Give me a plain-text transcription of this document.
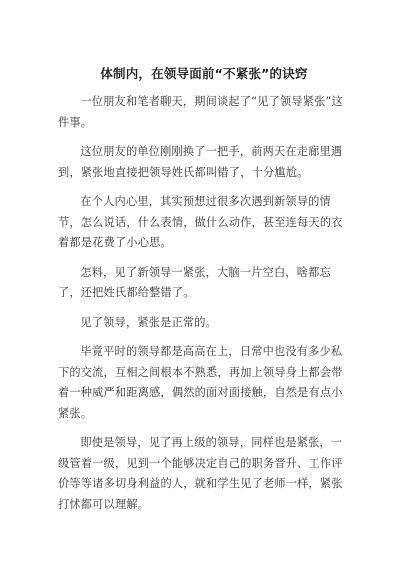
体制内，在领导面前“不紧张”的诀窍

一位朋友和笔者聊天，期间谈起了“见了领导紧张”这件事。

这位朋友的单位刚刚换了一把手，前两天在走廊里遇到，紧张地直接把领导姓氏都叫错了，十分尴尬。

在个人内心里，其实预想过很多次遇到新领导的情节，怎么说话，什么表情，做什么动作，甚至连每天的衣着都是花费了小心思。

怎料，见了新领导一紧张，大脑一片空白，啥都忘了，还把姓氏都给整错了。

见了领导，紧张是正常的。

毕竟平时的领导都是高高在上，日常中也没有多少私下的交流，互相之间根本不熟悉，再加上领导身上都会带着一种威严和距离感，偶然的面对面接触，自然是有点小紧张。

即使是领导，见了再上级的领导，同样也是紧张，一级管着一级，见到一个能够决定自己的职务晋升、工作评价等等诸多切身利益的人，就和学生见了老师一样，紧张打怵都可以理解。
